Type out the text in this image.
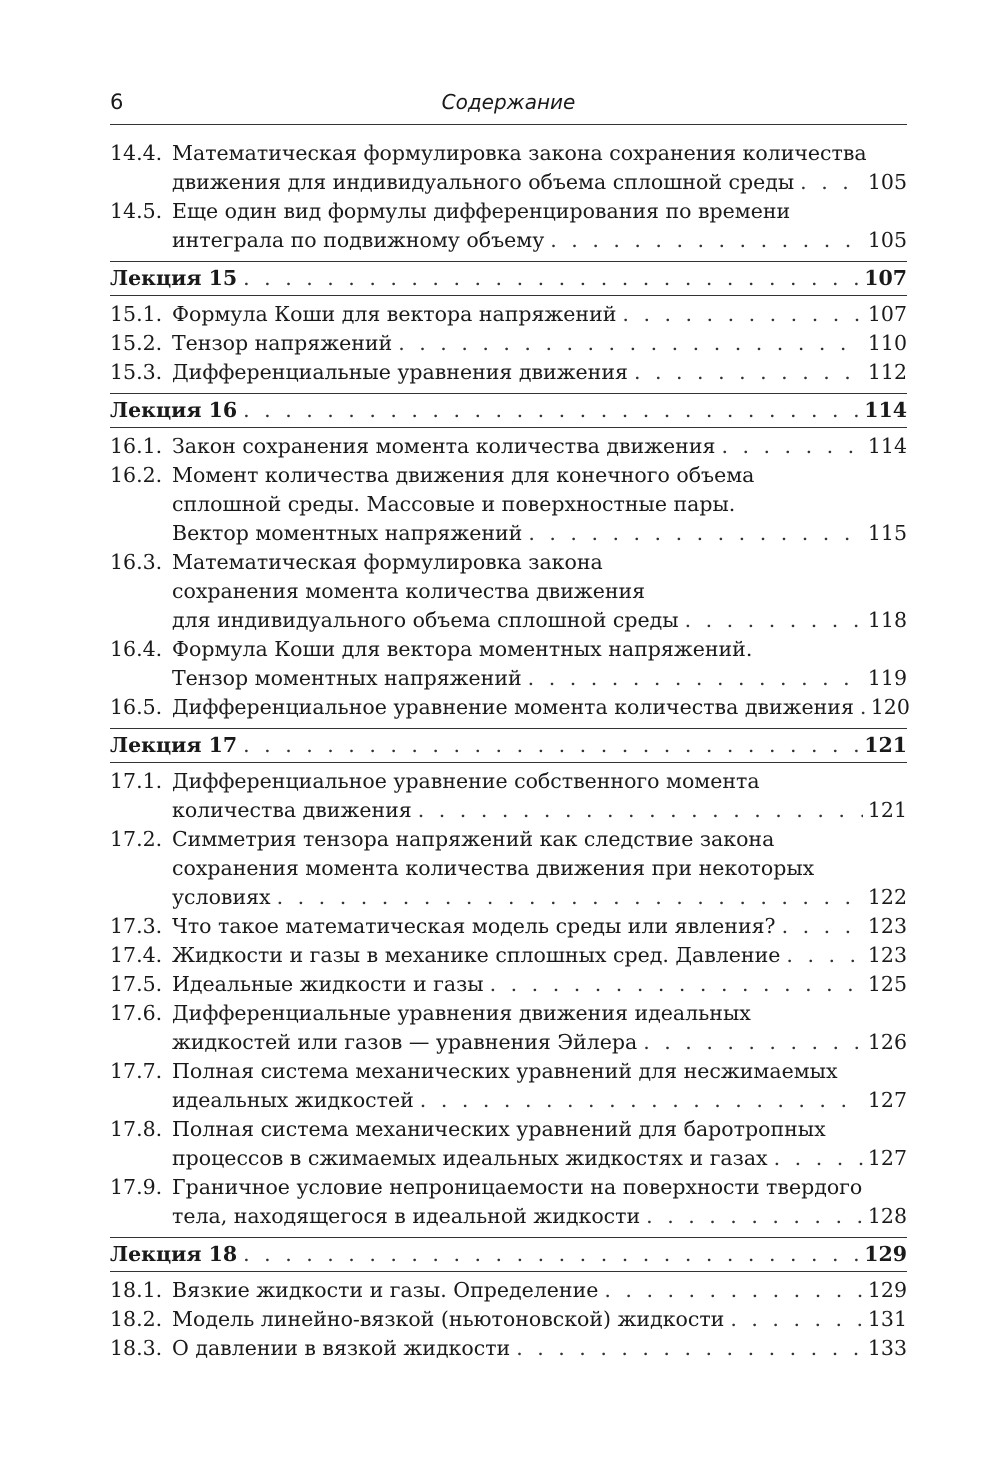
6	Содержание
14.4. Математическая формулировка закона сохранения количества
движения для индивидуального объема сплошной среды . . .	105
14.5. Еще один вид формулы дифференцирования по времени
интеграла по подвижному объему . . .	105
Лекция 15 . . .	107
15.1. Формула Коши для вектора напряжений . . .	107
15.2. Тензор напряжений . . .	110
15.3. Дифференциальные уравнения движения . . .	112
Лекция 16 . . .	114
16.1. Закон сохранения момента количества движения . . .	114
16.2. Момент количества движения для конечного объема
сплошной среды. Массовые и поверхностные пары.
Вектор моментных напряжений . . .	115
16.3. Математическая формулировка закона
сохранения момента количества движения
для индивидуального объема сплошной среды . . .	118
16.4. Формула Коши для вектора моментных напряжений.
Тензор моментных напряжений . . .	119
16.5. Дифференциальное уравнение момента количества движения . . . 120
Лекция 17 . . .	121
17.1. Дифференциальное уравнение собственного момента
количества движения . . .	121
17.2. Симметрия тензора напряжений как следствие закона
сохранения момента количества движения при некоторых
условиях . . .	122
17.3. Что такое математическая модель среды или явления? . . .	123
17.4. Жидкости и газы в механике сплошных сред. Давление . . .	123
17.5. Идеальные жидкости и газы . . .	125
17.6. Дифференциальные уравнения движения идеальных
жидкостей или газов — уравнения Эйлера . . .	126
17.7. Полная система механических уравнений для несжимаемых
идеальных жидкостей . . .	127
17.8. Полная система механических уравнений для баротропных
процессов в сжимаемых идеальных жидкостях и газах . . .	127
17.9. Граничное условие непроницаемости на поверхности твердого
тела, находящегося в идеальной жидкости . . .	128
Лекция 18 . . .	129
18.1. Вязкие жидкости и газы. Определение . . .	129
18.2. Модель линейно-вязкой (ньютоновской) жидкости . . .	131
18.3. О давлении в вязкой жидкости . . .	133
